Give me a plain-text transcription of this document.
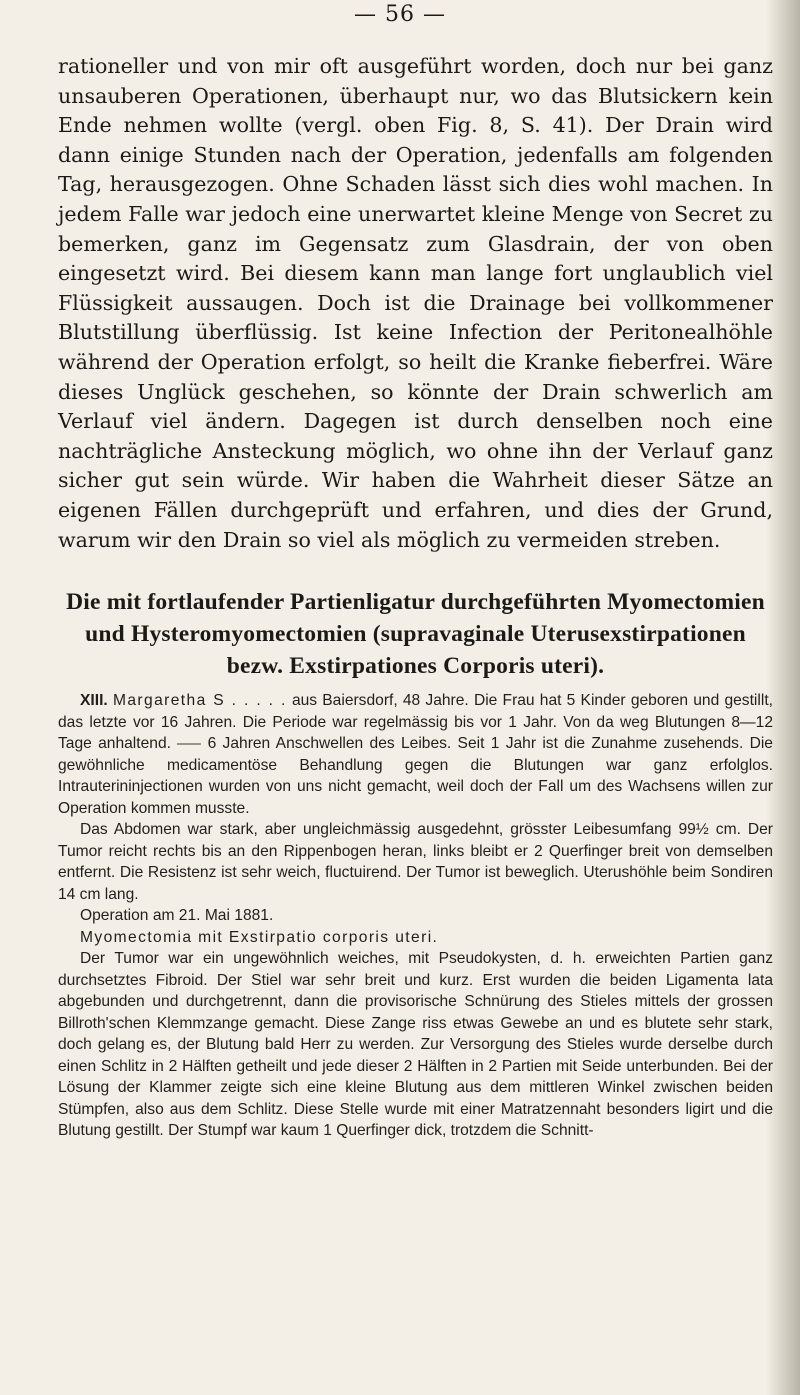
— 56 —

rationeller und von mir oft ausgeführt worden, doch nur bei ganz unsauberen Operationen, überhaupt nur, wo das Blutsickern kein Ende nehmen wollte (vergl. oben Fig. 8, S. 41). Der Drain wird dann einige Stunden nach der Operation, jedenfalls am folgenden Tag, herausgezogen. Ohne Schaden lässt sich dies wohl machen. In jedem Falle war jedoch eine unerwartet kleine Menge von Secret zu bemerken, ganz im Gegensatz zum Glasdrain, der von oben eingesetzt wird. Bei diesem kann man lange fort unglaublich viel Flüssigkeit aussaugen. Doch ist die Drainage bei vollkommener Blutstillung überflüssig. Ist keine Infection der Peritonealhöhle während der Operation erfolgt, so heilt die Kranke fieberfrei. Wäre dieses Unglück geschehen, so könnte der Drain schwerlich am Verlauf viel ändern. Dagegen ist durch denselben noch eine nachträgliche Ansteckung möglich, wo ohne ihn der Verlauf ganz sicher gut sein würde. Wir haben die Wahrheit dieser Sätze an eigenen Fällen durchgeprüft und erfahren, und dies der Grund, warum wir den Drain so viel als möglich zu vermeiden streben.

Die mit fortlaufender Partienligatur durchgeführten Myomectomien und Hysteromyomectomien (supravaginale Uterusexstirpationen bezw. Exstirpationes Corporis uteri).

XIII. Margaretha S . . . . . aus Baiersdorf, 48 Jahre. Die Frau hat 5 Kinder geboren und gestillt, das letzte vor 16 Jahren. Die Periode war regelmässig bis vor 1 Jahr. Von da weg Blutungen 8—12 Tage anhaltend. 6 Jahren Anschwellen des Leibes. Seit 1 Jahr ist die Zunahme zusehends. Die gewöhnliche medicamentöse Behandlung gegen die Blutungen war ganz erfolglos. Intrauterininjectionen wurden von uns nicht gemacht, weil doch der Fall um des Wachsens willen zur Operation kommen musste.

Das Abdomen war stark, aber ungleichmässig ausgedehnt, grösster Leibesumfang 99½ cm. Der Tumor reicht rechts bis an den Rippenbogen heran, links bleibt er 2 Querfinger breit von demselben entfernt. Die Resistenz ist sehr weich, fluctuirend. Der Tumor ist beweglich. Uterushöhle beim Sondiren 14 cm lang.

Operation am 21. Mai 1881.

Myomectomia mit Exstirpatio corporis uteri.

Der Tumor war ein ungewöhnlich weiches, mit Pseudokysten, d. h. erweichten Partien ganz durchsetztes Fibroid. Der Stiel war sehr breit und kurz. Erst wurden die beiden Ligamenta lata abgebunden und durchgetrennt, dann die provisorische Schnürung des Stieles mittels der grossen Billroth'schen Klemmzange gemacht. Diese Zange riss etwas Gewebe an und es blutete sehr stark, doch gelang es, der Blutung bald Herr zu werden. Zur Versorgung des Stieles wurde derselbe durch einen Schlitz in 2 Hälften getheilt und jede dieser 2 Hälften in 2 Partien mit Seide unterbunden. Bei der Lösung der Klammer zeigte sich eine kleine Blutung aus dem mittleren Winkel zwischen beiden Stümpfen, also aus dem Schlitz. Diese Stelle wurde mit einer Matratzennaht besonders ligirt und die Blutung gestillt. Der Stumpf war kaum 1 Querfinger dick, trotzdem die Schnitt-
